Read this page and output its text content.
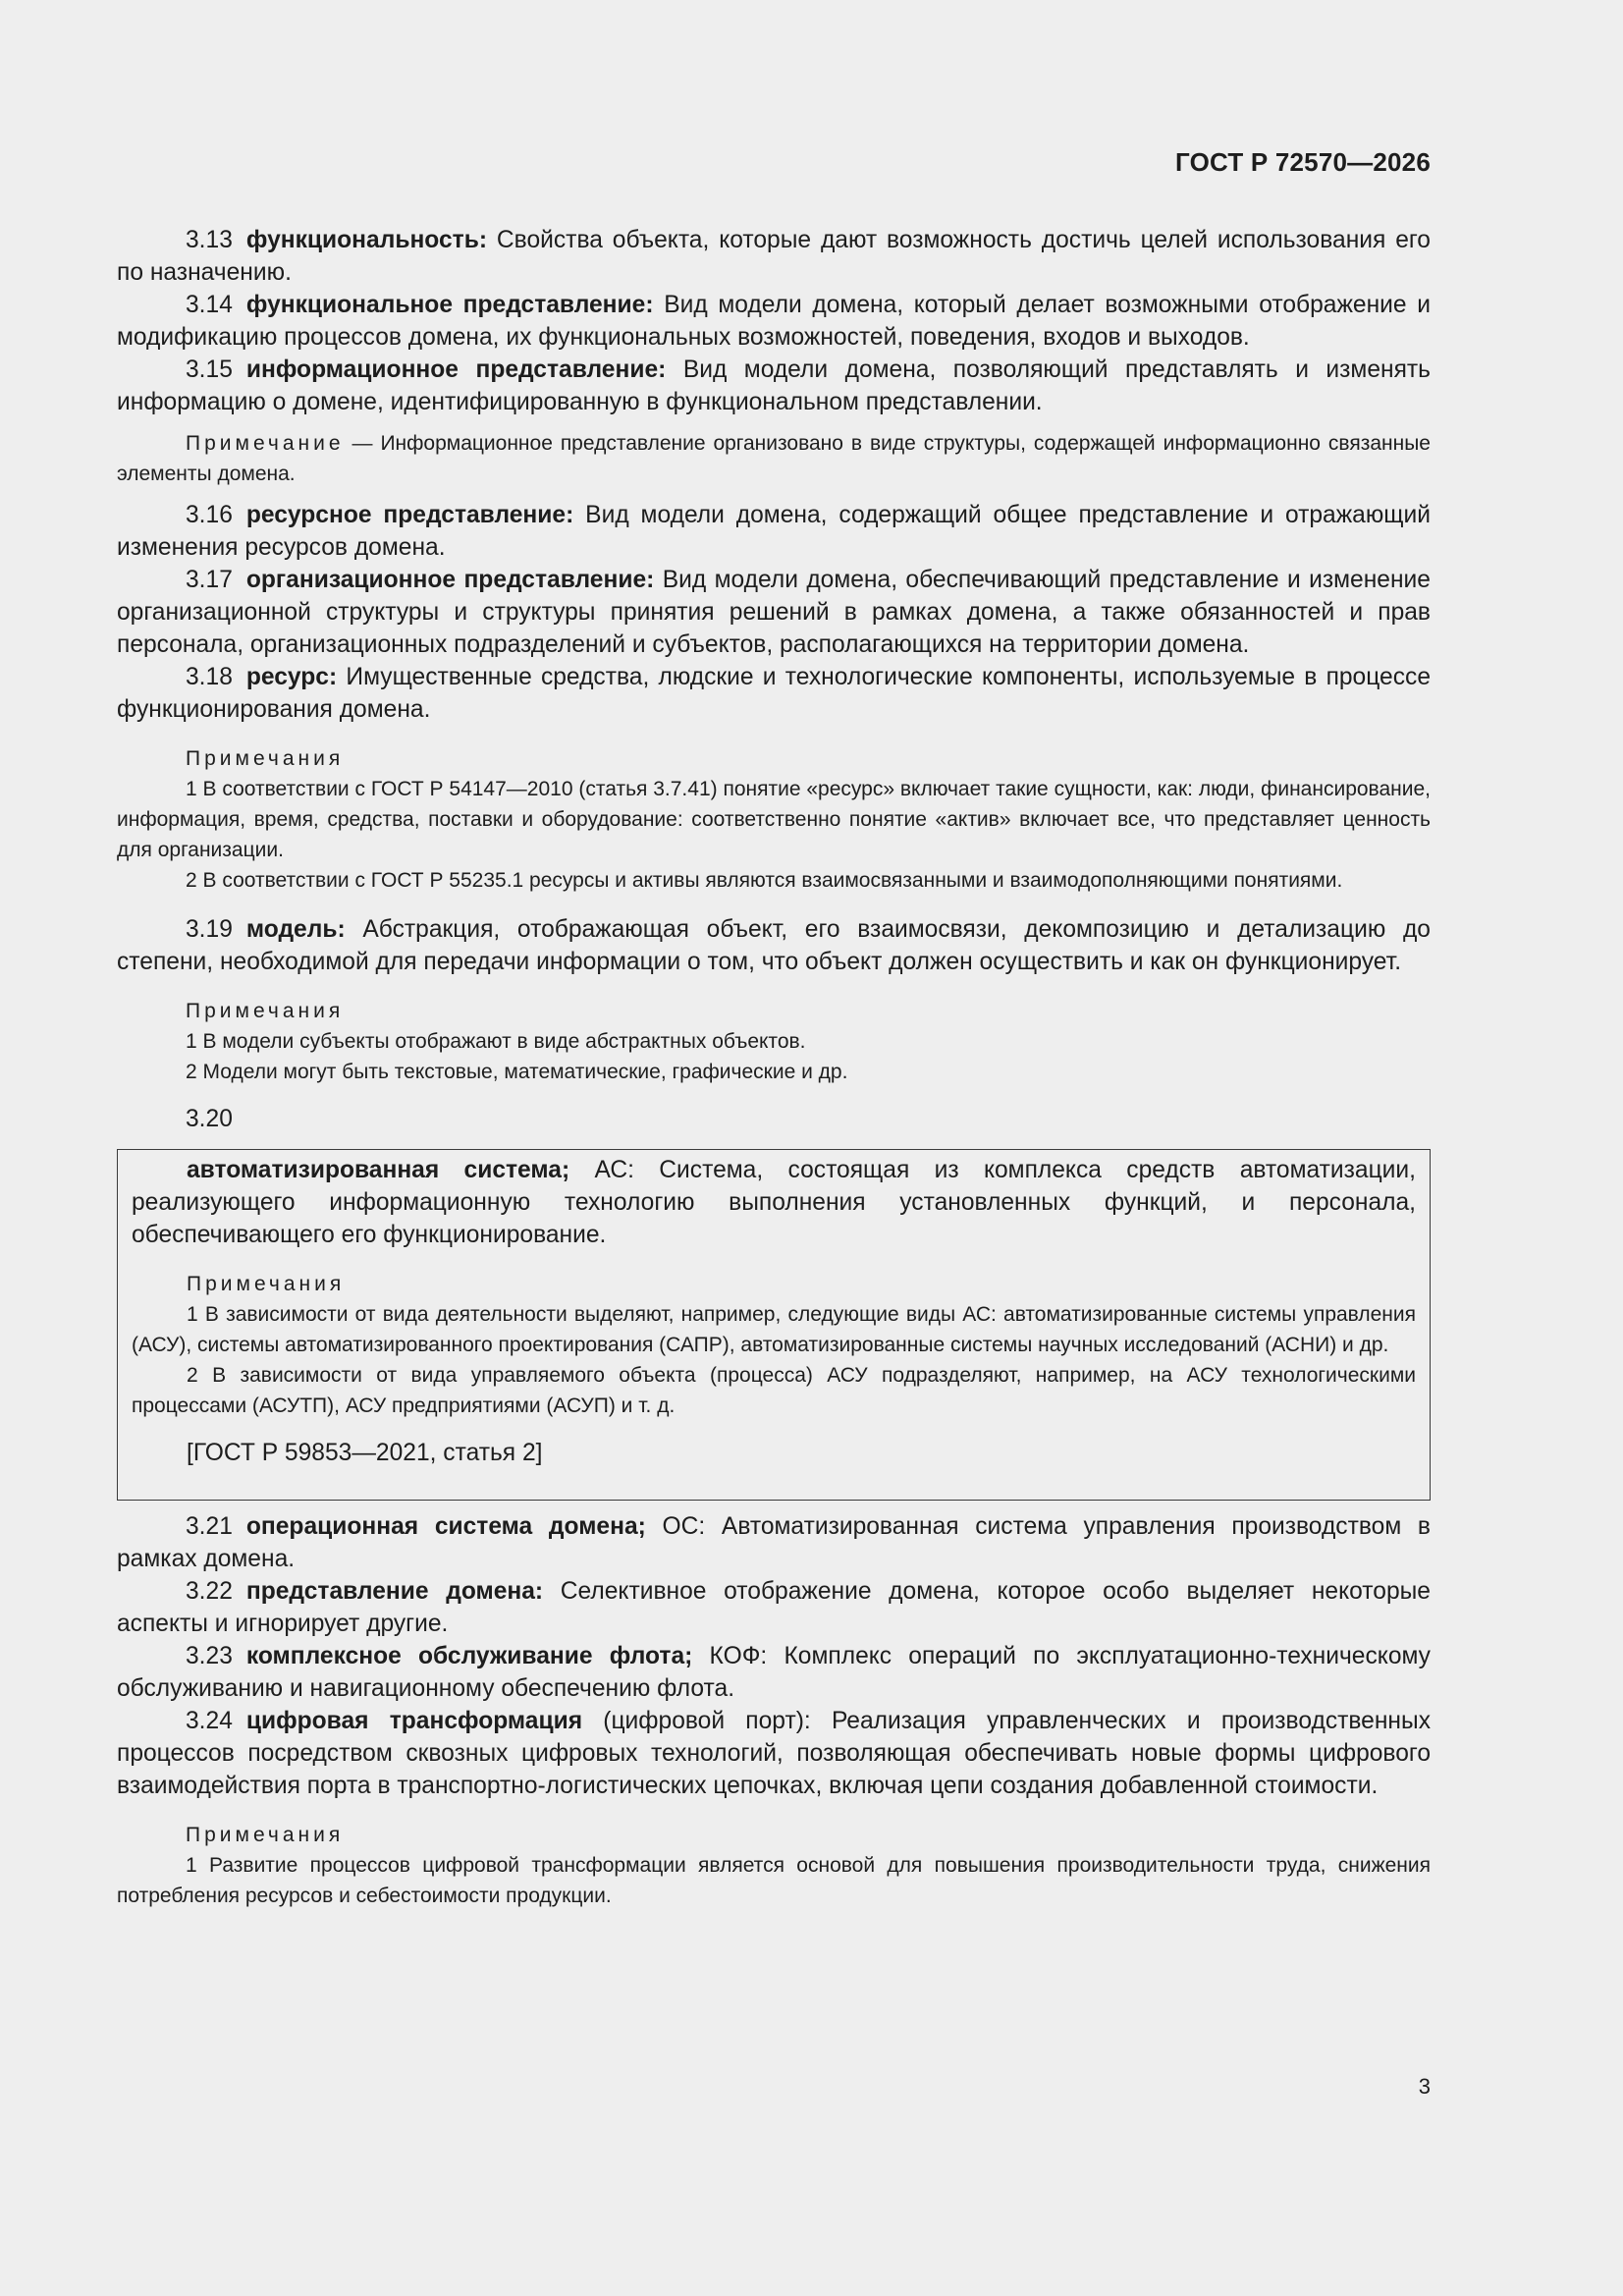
ГОСТ Р 72570—2026

3.13 функциональность: Свойства объекта, которые дают возможность достичь целей использования его по назначению.

3.14 функциональное представление: Вид модели домена, который делает возможными отображение и модификацию процессов домена, их функциональных возможностей, поведения, входов и выходов.

3.15 информационное представление: Вид модели домена, позволяющий представлять и изменять информацию о домене, идентифицированную в функциональном представлении.

Примечание — Информационное представление организовано в виде структуры, содержащей информационно связанные элементы домена.

3.16 ресурсное представление: Вид модели домена, содержащий общее представление и отражающий изменения ресурсов домена.

3.17 организационное представление: Вид модели домена, обеспечивающий представление и изменение организационной структуры и структуры принятия решений в рамках домена, а также обязанностей и прав персонала, организационных подразделений и субъектов, располагающихся на территории домена.

3.18 ресурс: Имущественные средства, людские и технологические компоненты, используемые в процессе функционирования домена.

Примечания

1 В соответствии с ГОСТ Р 54147—2010 (статья 3.7.41) понятие «ресурс» включает такие сущности, как: люди, финансирование, информация, время, средства, поставки и оборудование: соответственно понятие «актив» включает все, что представляет ценность для организации.

2 В соответствии с ГОСТ Р 55235.1 ресурсы и активы являются взаимосвязанными и взаимодополняющими понятиями.

3.19 модель: Абстракция, отображающая объект, его взаимосвязи, декомпозицию и детализацию до степени, необходимой для передачи информации о том, что объект должен осуществить и как он функционирует.

Примечания

1 В модели субъекты отображают в виде абстрактных объектов.

2 Модели могут быть текстовые, математические, графические и др.

3.20

автоматизированная система; АС: Система, состоящая из комплекса средств автоматизации, реализующего информационную технологию выполнения установленных функций, и персонала, обеспечивающего его функционирование.

Примечания

1 В зависимости от вида деятельности выделяют, например, следующие виды АС: автоматизированные системы управления (АСУ), системы автоматизированного проектирования (САПР), автоматизированные системы научных исследований (АСНИ) и др.

2 В зависимости от вида управляемого объекта (процесса) АСУ подразделяют, например, на АСУ технологическими процессами (АСУТП), АСУ предприятиями (АСУП) и т. д.

[ГОСТ Р 59853—2021, статья 2]

3.21 операционная система домена; ОС: Автоматизированная система управления производством в рамках домена.

3.22 представление домена: Селективное отображение домена, которое особо выделяет некоторые аспекты и игнорирует другие.

3.23 комплексное обслуживание флота; КОФ: Комплекс операций по эксплуатационно-техническому обслуживанию и навигационному обеспечению флота.

3.24 цифровая трансформация (цифровой порт): Реализация управленческих и производственных процессов посредством сквозных цифровых технологий, позволяющая обеспечивать новые формы цифрового взаимодействия порта в транспортно-логистических цепочках, включая цепи создания добавленной стоимости.

Примечания

1 Развитие процессов цифровой трансформации является основой для повышения производительности труда, снижения потребления ресурсов и себестоимости продукции.

3
